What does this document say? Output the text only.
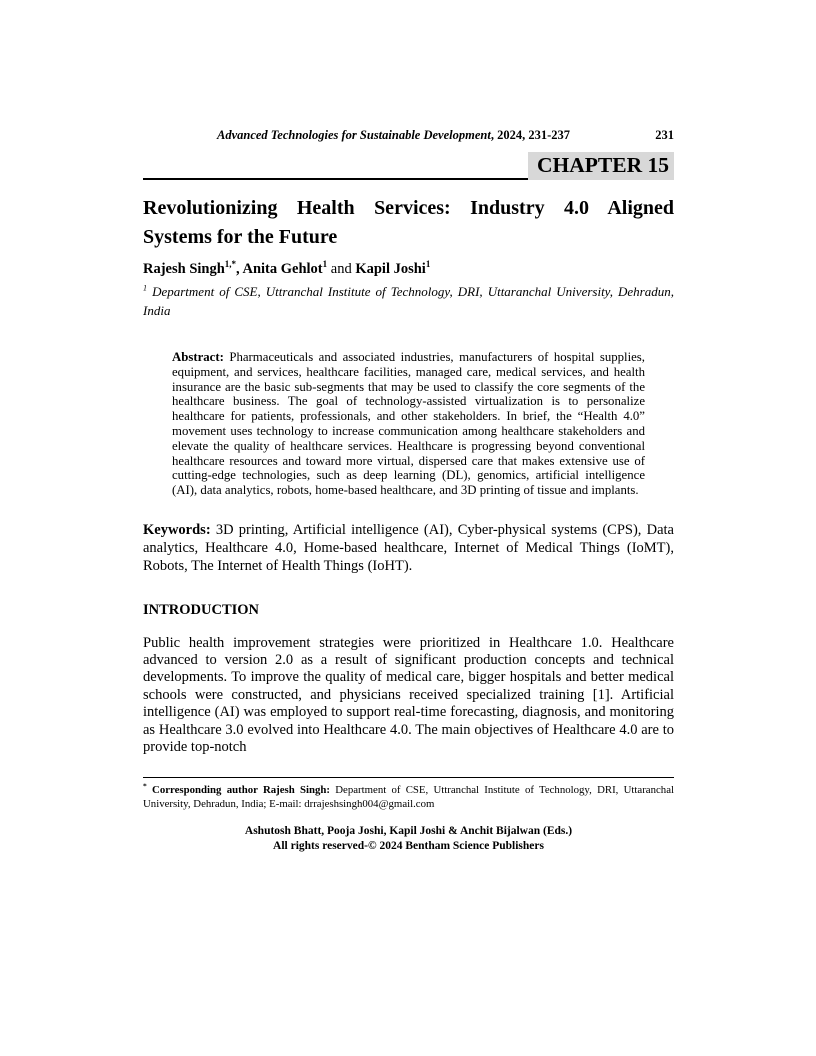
Advanced Technologies for Sustainable Development, 2024, 231-237	231
CHAPTER 15
Revolutionizing Health Services: Industry 4.0 Aligned Systems for the Future

Rajesh Singh$^{1,*}$, Anita Gehlot$^1$ and Kapil Joshi$^1$

$^1$ Department of CSE, Uttranchal Institute of Technology, DRI, Uttaranchal University, Dehradun, India

Abstract: Pharmaceuticals and associated industries, manufacturers of hospital supplies, equipment, and services, healthcare facilities, managed care, medical services, and health insurance are the basic sub-segments that may be used to classify the core segments of the healthcare business. The goal of technology-assisted virtualization is to personalize healthcare for patients, professionals, and other stakeholders. In brief, the “Health 4.0” movement uses technology to increase communication among healthcare stakeholders and elevate the quality of healthcare services. Healthcare is progressing beyond conventional healthcare resources and toward more virtual, dispersed care that makes extensive use of cutting-edge technologies, such as deep learning (DL), genomics, artificial intelligence (AI), data analytics, robots, home-based healthcare, and 3D printing of tissue and implants.

Keywords: 3D printing, Artificial intelligence (AI), Cyber-physical systems (CPS), Data analytics, Healthcare 4.0, Home-based healthcare, Internet of Medical Things (IoMT), Robots, The Internet of Health Things (IoHT).

INTRODUCTION

Public health improvement strategies were prioritized in Healthcare 1.0. Healthcare advanced to version 2.0 as a result of significant production concepts and technical developments. To improve the quality of medical care, bigger hospitals and better medical schools were constructed, and physicians received specialized training [1]. Artificial intelligence (AI) was employed to support real-time forecasting, diagnosis, and monitoring as Healthcare 3.0 evolved into Healthcare 4.0. The main objectives of Healthcare 4.0 are to provide top-notch

* Corresponding author Rajesh Singh: Department of CSE, Uttranchal Institute of Technology, DRI, Uttaranchal University, Dehradun, India; E-mail: drrajeshsingh004@gmail.com
Ashutosh Bhatt, Pooja Joshi, Kapil Joshi & Anchit Bijalwan (Eds.)
All rights reserved-© 2024 Bentham Science Publishers
